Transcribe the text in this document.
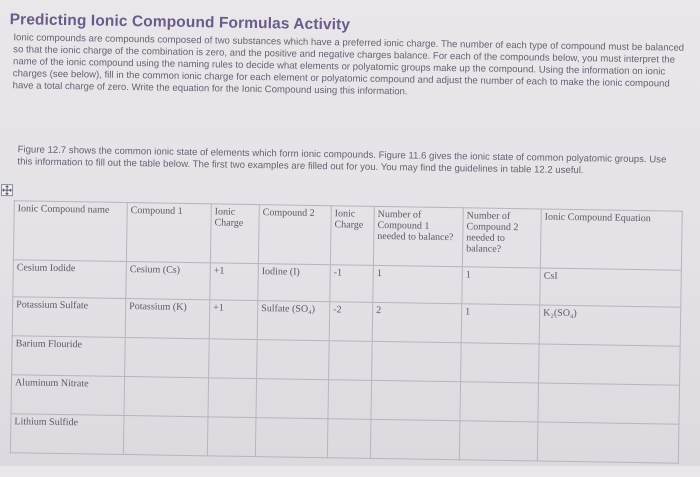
Predicting Ionic Compound Formulas Activity

Ionic compounds are compounds composed of two substances which have a preferred ionic charge. The number of each type of compound must be balanced so that the ionic charge of the combination is zero, and the positive and negative charges balance. For each of the compounds below, you must interpret the name of the ionic compound using the naming rules to decide what elements or polyatomic groups make up the compound. Using the information on ionic charges (see below), fill in the common ionic charge for each element or polyatomic compound and adjust the number of each to make the ionic compound have a total charge of zero. Write the equation for the Ionic Compound using this information.

Figure 12.7 shows the common ionic state of elements which form ionic compounds. Figure 11.6 gives the ionic state of common polyatomic groups. Use this information to fill out the table below. The first two examples are filled out for you. You may find the guidelines in table 12.2 useful.

Ionic Compound name	Compound 1	Ionic Charge	Compound 2	Ionic Charge	Number of Compound 1 needed to balance?	Number of Compound 2 needed to balance?	Ionic Compound Equation
Cesium Iodide	Cesium (Cs)	+1	Iodine (I)	-1	1	1	CsI
Potassium Sulfate	Potassium (K)	+1	Sulfate (SO₄)	-2	2	1	K₂(SO₄)
Barium Flouride							
Aluminum Nitrate							
Lithium Sulfide							
